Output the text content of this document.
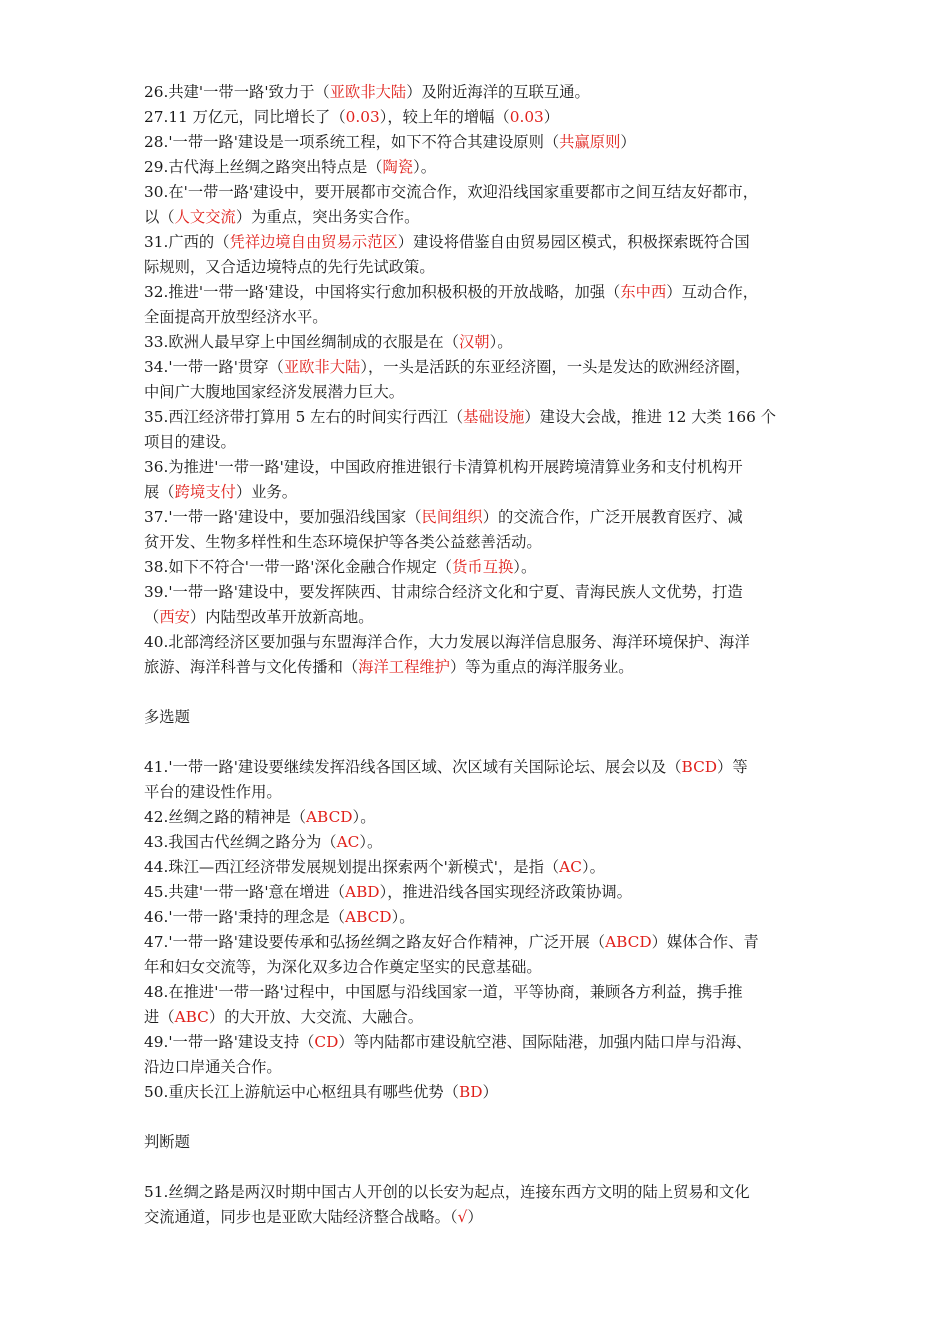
26.共建'一带一路'致力于（亚欧非大陆）及附近海洋的互联互通。
27.11 万亿元，同比增长了（0.03），较上年的增幅（0.03）
28.'一带一路'建设是一项系统工程，如下不符合其建设原则（共赢原则）
29.古代海上丝绸之路突出特点是（陶瓷）。
30.在'一带一路'建设中，要开展都市交流合作，欢迎沿线国家重要都市之间互结友好都市，
以（人文交流）为重点，突出务实合作。
31.广西的（凭祥边境自由贸易示范区）建设将借鉴自由贸易园区模式，积极探索既符合国
际规则，又合适边境特点的先行先试政策。
32.推进'一带一路'建设，中国将实行愈加积极积极的开放战略，加强（东中西）互动合作，
全面提高开放型经济水平。
33.欧洲人最早穿上中国丝绸制成的衣服是在（汉朝）。
34.'一带一路'贯穿（亚欧非大陆），一头是活跃的东亚经济圈，一头是发达的欧洲经济圈，
中间广大腹地国家经济发展潜力巨大。
35.西江经济带打算用 5 左右的时间实行西江（基础设施）建设大会战，推进 12 大类 166 个
项目的建设。
36.为推进'一带一路'建设，中国政府推进银行卡清算机构开展跨境清算业务和支付机构开
展（跨境支付）业务。
37.'一带一路'建设中，要加强沿线国家（民间组织）的交流合作，广泛开展教育医疗、减
贫开发、生物多样性和生态环境保护等各类公益慈善活动。
38.如下不符合'一带一路'深化金融合作规定（货币互换）。
39.'一带一路'建设中，要发挥陕西、甘肃综合经济文化和宁夏、青海民族人文优势，打造
（西安）内陆型改革开放新高地。
40.北部湾经济区要加强与东盟海洋合作，大力发展以海洋信息服务、海洋环境保护、海洋
旅游、海洋科普与文化传播和（海洋工程维护）等为重点的海洋服务业。
多选题
41.'一带一路'建设要继续发挥沿线各国区域、次区域有关国际论坛、展会以及（BCD）等
平台的建设性作用。
42.丝绸之路的精神是（ABCD）。
43.我国古代丝绸之路分为（AC）。
44.珠江—西江经济带发展规划提出探索两个'新模式'，是指（AC）。
45.共建'一带一路'意在增进（ABD），推进沿线各国实现经济政策协调。
46.'一带一路'秉持的理念是（ABCD）。
47.'一带一路'建设要传承和弘扬丝绸之路友好合作精神，广泛开展（ABCD）媒体合作、青
年和妇女交流等，为深化双多边合作奠定坚实的民意基础。
48.在推进'一带一路'过程中，中国愿与沿线国家一道，平等协商，兼顾各方利益，携手推
进（ABC）的大开放、大交流、大融合。
49.'一带一路'建设支持（CD）等内陆都市建设航空港、国际陆港，加强内陆口岸与沿海、
沿边口岸通关合作。
50.重庆长江上游航运中心枢纽具有哪些优势（BD）
判断题
51.丝绸之路是两汉时期中国古人开创的以长安为起点，连接东西方文明的陆上贸易和文化
交流通道，同步也是亚欧大陆经济整合战略。（√）
